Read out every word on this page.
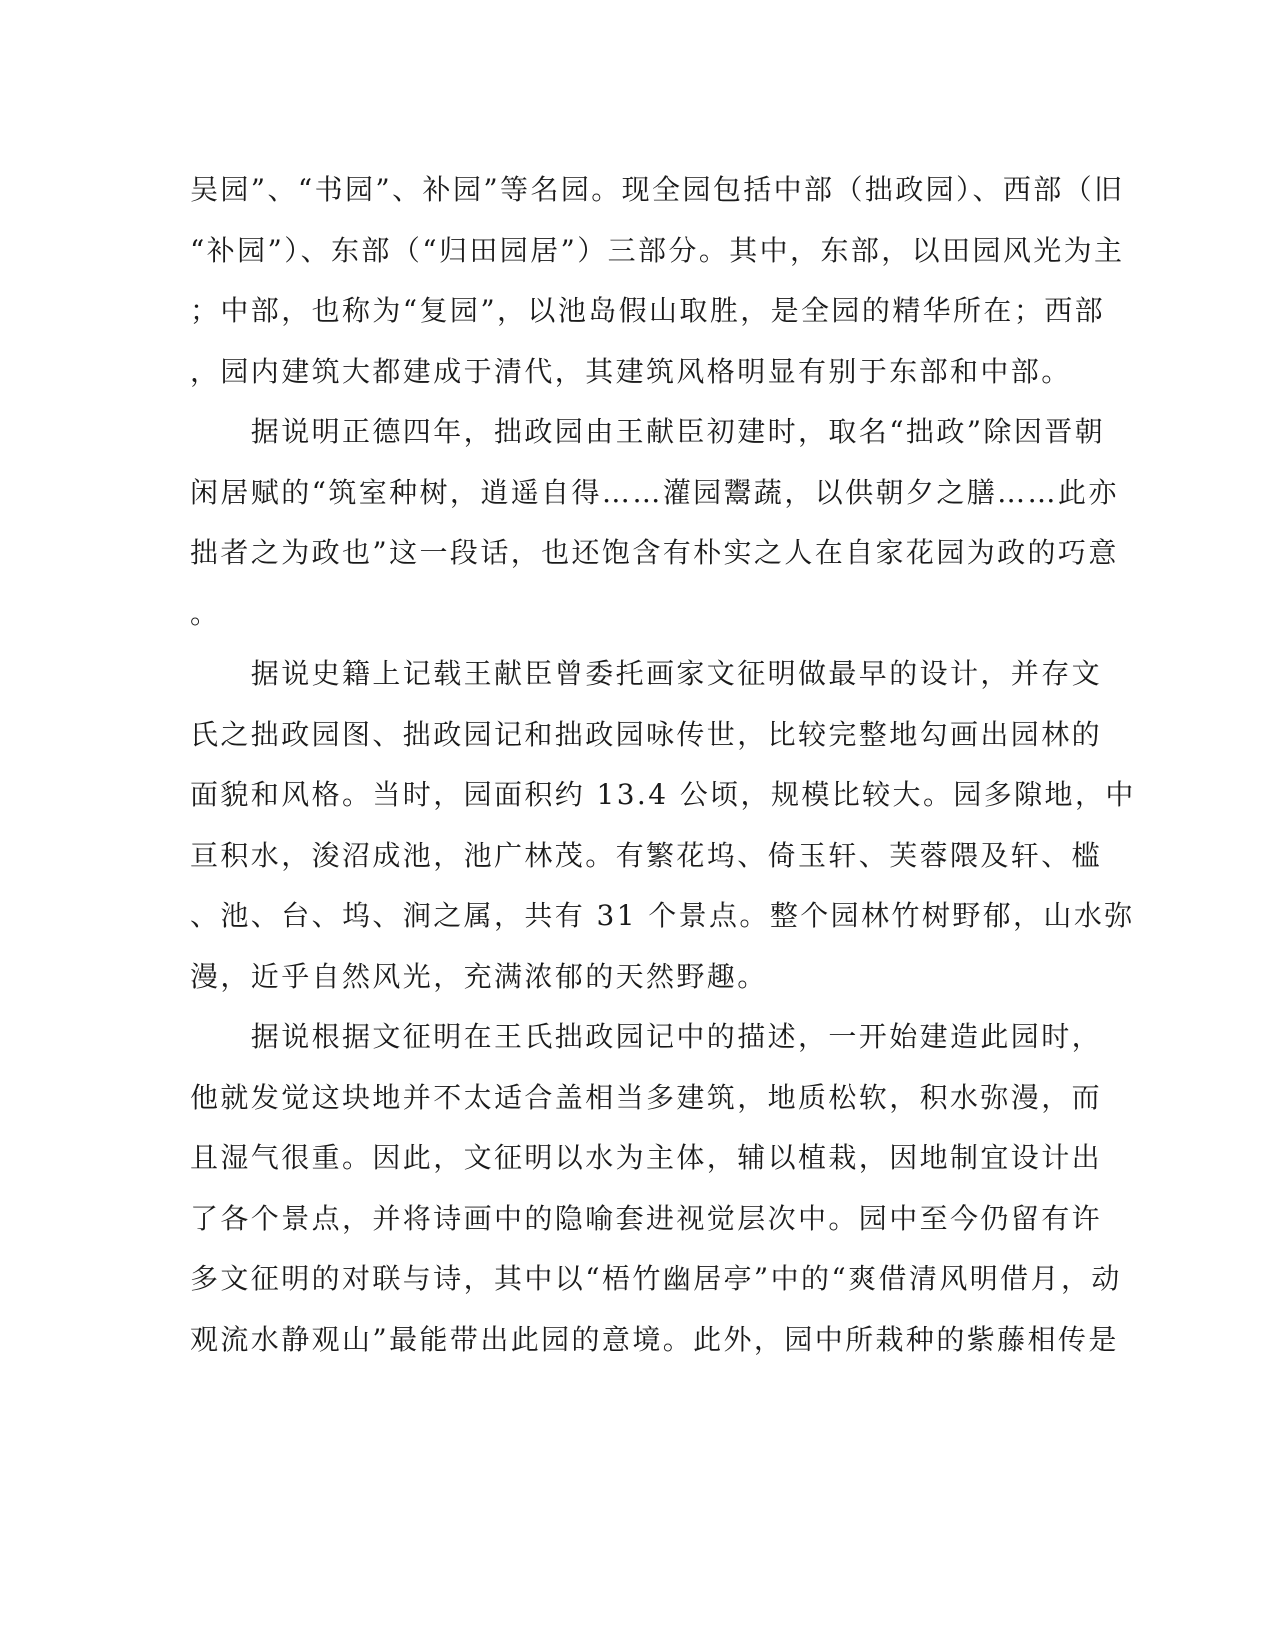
吴园”、“书园”、补园”等名园。现全园包括中部（拙政园）、西部（旧
“补园”）、东部（“归田园居”）三部分。其中，东部，以田园风光为主
；中部，也称为“复园”，以池岛假山取胜，是全园的精华所在；西部
，园内建筑大都建成于清代，其建筑风格明显有别于东部和中部。
　　据说明正德四年，拙政园由王献臣初建时，取名“拙政”除因晋朝
闲居赋的“筑室种树，逍遥自得……灌园鬻蔬，以供朝夕之膳……此亦
拙者之为政也”这一段话，也还饱含有朴实之人在自家花园为政的巧意
。
　　据说史籍上记载王献臣曾委托画家文征明做最早的设计，并存文
氏之拙政园图、拙政园记和拙政园咏传世，比较完整地勾画出园林的
面貌和风格。当时，园面积约 13.4 公顷，规模比较大。园多隙地，中
亘积水，浚沼成池，池广林茂。有繁花坞、倚玉轩、芙蓉隈及轩、槛
、池、台、坞、涧之属，共有 31 个景点。整个园林竹树野郁，山水弥
漫，近乎自然风光，充满浓郁的天然野趣。
　　据说根据文征明在王氏拙政园记中的描述，一开始建造此园时，
他就发觉这块地并不太适合盖相当多建筑，地质松软，积水弥漫，而
且湿气很重。因此，文征明以水为主体，辅以植栽，因地制宜设计出
了各个景点，并将诗画中的隐喻套进视觉层次中。园中至今仍留有许
多文征明的对联与诗，其中以“梧竹幽居亭”中的“爽借清风明借月，动
观流水静观山”最能带出此园的意境。此外，园中所栽种的紫藤相传是
